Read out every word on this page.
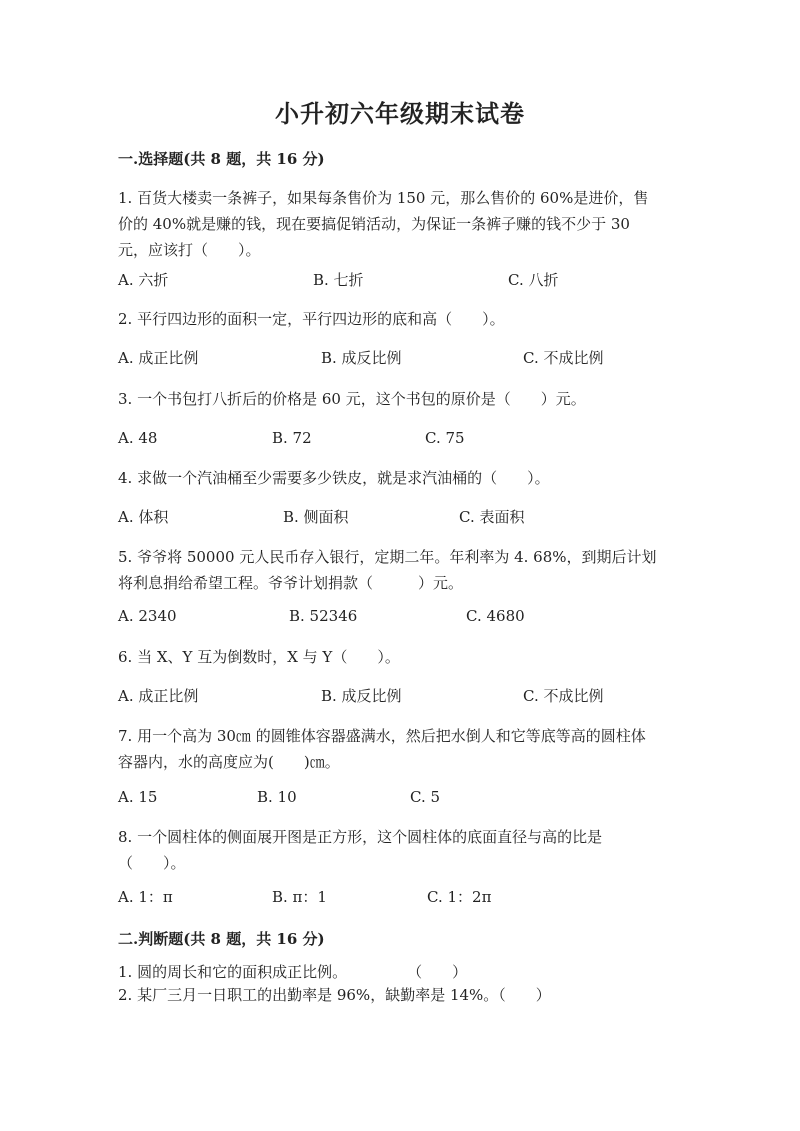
小升初六年级期末试卷
一.选择题(共 8 题，共 16 分)
1. 百货大楼卖一条裤子，如果每条售价为 150 元，那么售价的 60%是进价，售
价的 40%就是赚的钱，现在要搞促销活动，为保证一条裤子赚的钱不少于 30
元，应该打（　　）。
A. 六折	B. 七折	C. 八折
2. 平行四边形的面积一定，平行四边形的底和高（　　）。
A. 成正比例	B. 成反比例	C. 不成比例
3. 一个书包打八折后的价格是 60 元，这个书包的原价是（　　）元。
A. 48	B. 72	C. 75
4. 求做一个汽油桶至少需要多少铁皮，就是求汽油桶的（　　）。
A. 体积	B. 侧面积	C. 表面积
5. 爷爷将 50000 元人民币存入银行，定期二年。年利率为 4. 68%，到期后计划
将利息捐给希望工程。爷爷计划捐款（　　　）元。
A. 2340	B. 52346	C. 4680
6. 当 X、Y 互为倒数时，X 与 Y（　　）。
A. 成正比例	B. 成反比例	C. 不成比例
7. 用一个高为 30㎝ 的圆锥体容器盛满水，然后把水倒人和它等底等高的圆柱体
容器内，水的高度应为(　　)㎝。
A. 15	B. 10	C. 5
8. 一个圆柱体的侧面展开图是正方形，这个圆柱体的底面直径与高的比是
（　　）。
A. 1：π	B. π：1	C. 1：2π
二.判断题(共 8 题，共 16 分)
1. 圆的周长和它的面积成正比例。　　　　　（　　）
2. 某厂三月一日职工的出勤率是 96%，缺勤率是 14%。（　　）
